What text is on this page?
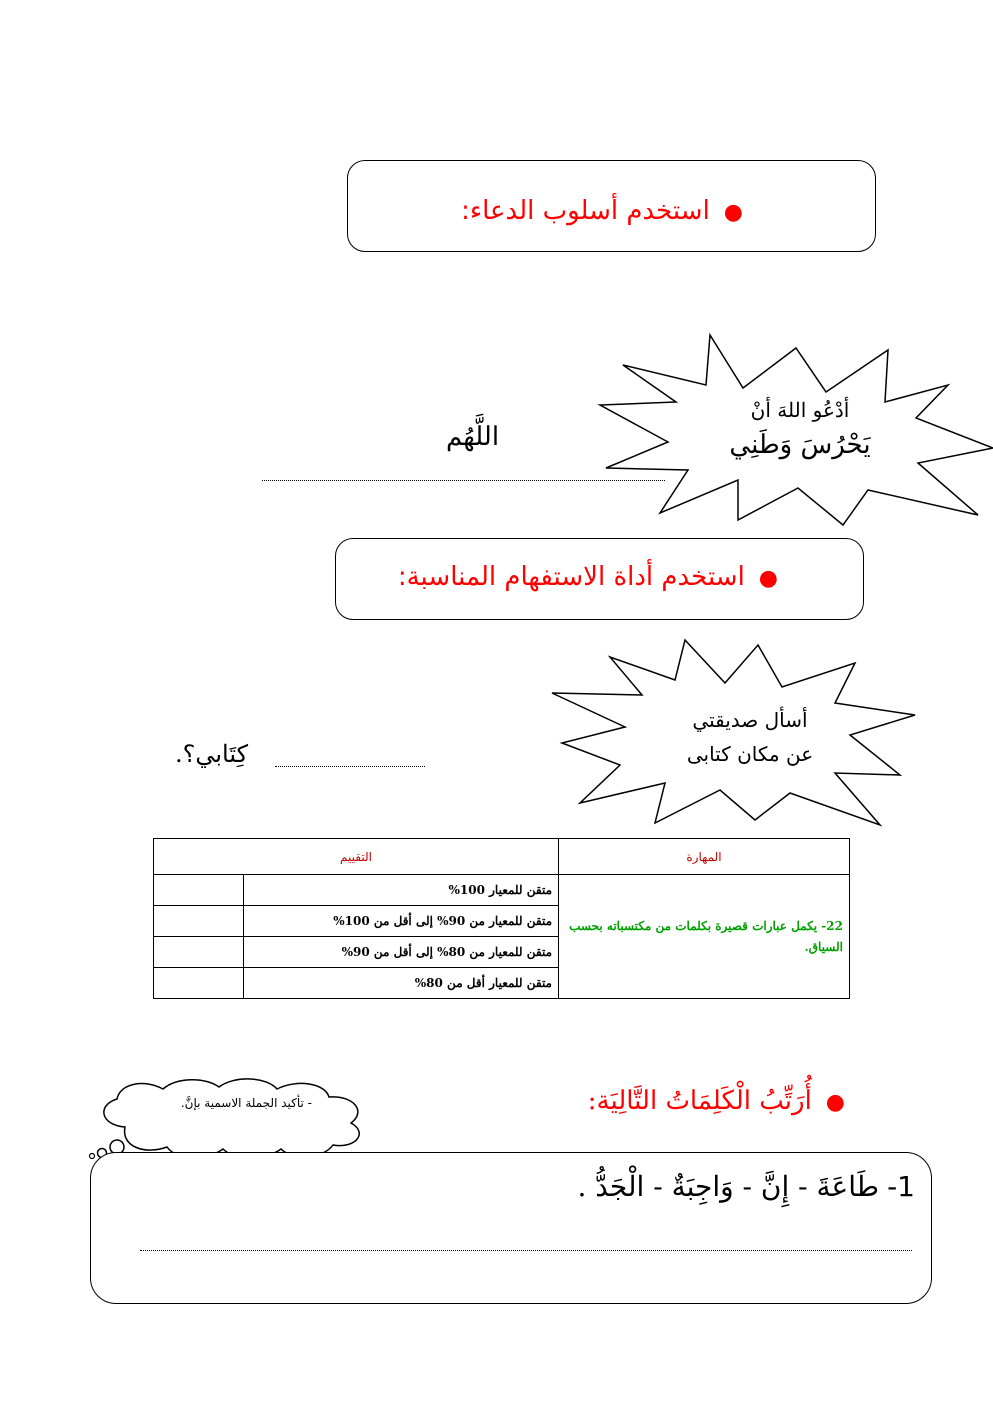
●استخدم أسلوب الدعاء:
أدْعُو اللهَ أنْ
يَحْرُسَ وَطَنِي
اللَّهُم
●استخدم أداة الاستفهام المناسبة:
أسأل صديقتي
عن مكان كتابى
كِتَابي؟.
التقييم		المهارة
	متقن للمعيار 100%	22- يكمل عبارات قصيرة بكلمات من مكتسباته بحسب السياق.
	متقن للمعيار من 90% إلى أقل من 100%	
	متقن للمعيار من 80% إلى أقل من 90%	
	متقن للمعيار أقل من 80%	
●أُرَتِّبُ الْكَلِمَاتُ التَّالِيَة:
- تأكيد الجملة الاسمية بإنَّ.
1-طَاعَةَ - إِنَّ - وَاجِبَةٌ - الْجَدُّ .
